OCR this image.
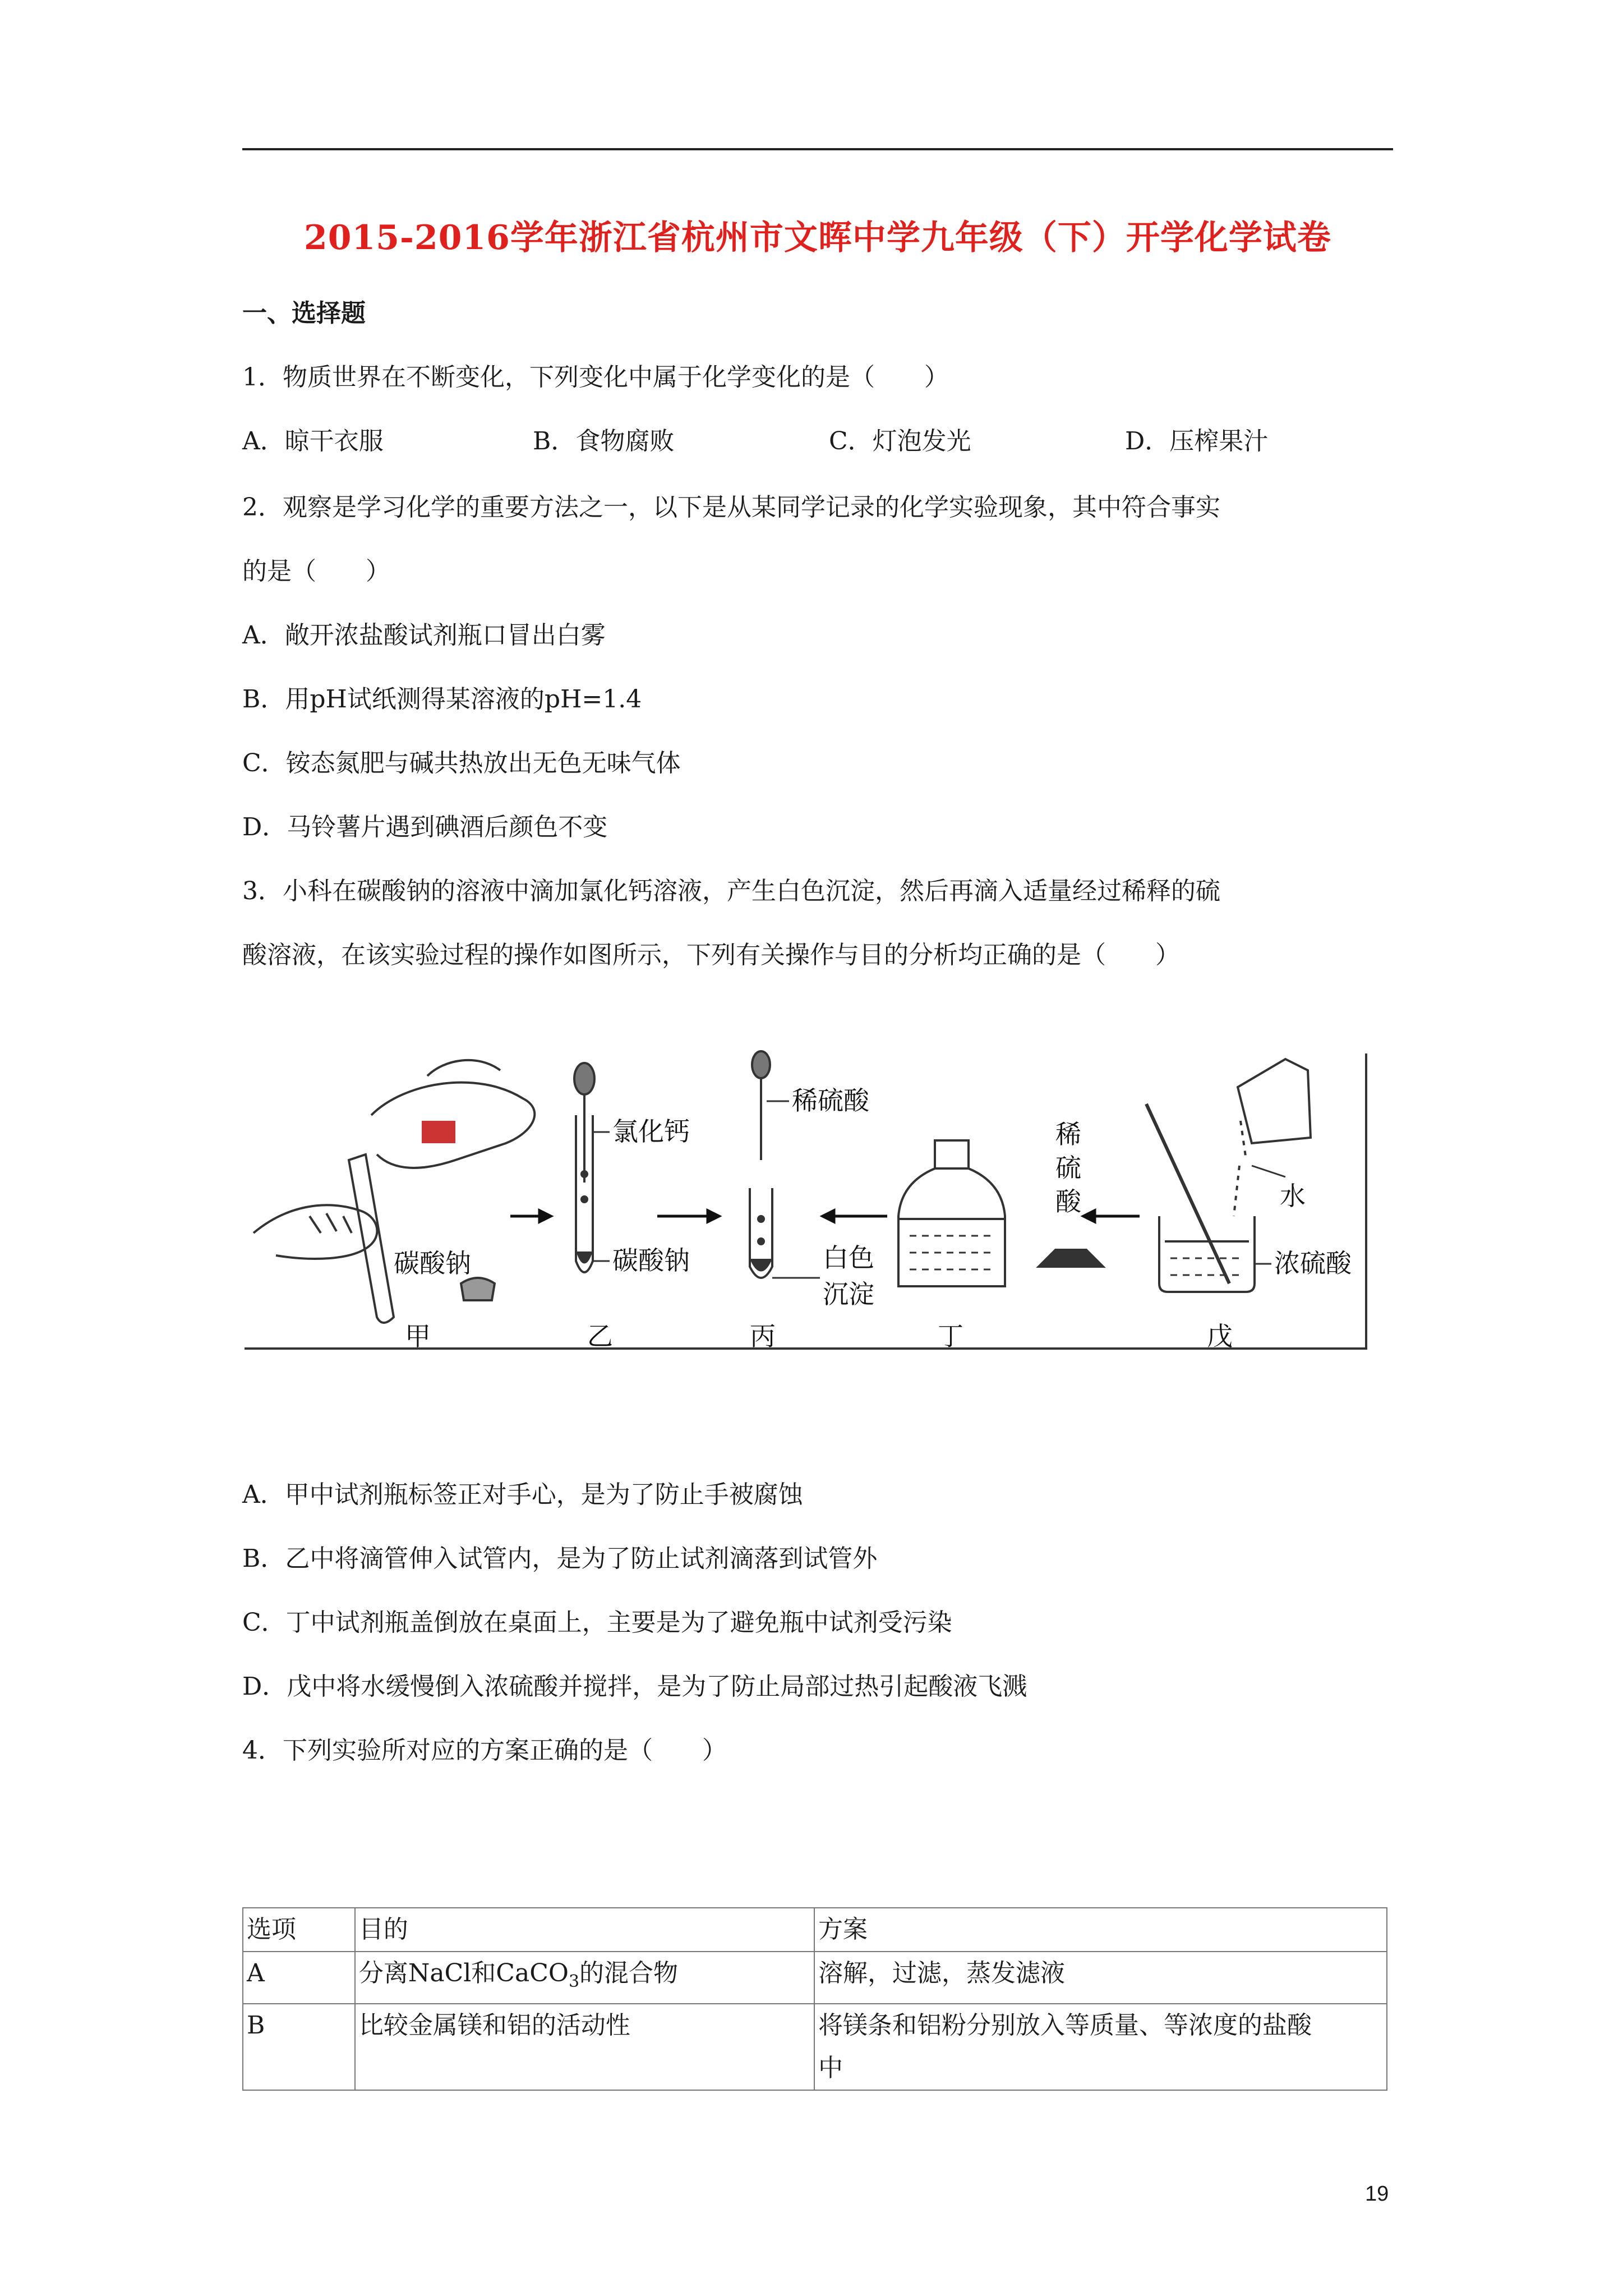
2015-2016学年浙江省杭州市文晖中学九年级（下）开学化学试卷
一、选择题
1．物质世界在不断变化，下列变化中属于化学变化的是（　　）
A．晾干衣服	B．食物腐败	C．灯泡发光	D．压榨果汁
2．观察是学习化学的重要方法之一，以下是从某同学记录的化学实验现象，其中符合事实
的是（　　）
A．敞开浓盐酸试剂瓶口冒出白雾
B．用pH试纸测得某溶液的pH=1.4
C．铵态氮肥与碱共热放出无色无味气体
D．马铃薯片遇到碘酒后颜色不变
3．小科在碳酸钠的溶液中滴加氯化钙溶液，产生白色沉淀，然后再滴入适量经过稀释的硫
酸溶液，在该实验过程的操作如图所示，下列有关操作与目的分析均正确的是（　　）
碳酸钠
甲
氯化钙
碳酸钠
乙
稀硫酸
白色
沉淀
丙
稀
硫
酸
丁
水
浓硫酸
戊
A．甲中试剂瓶标签正对手心，是为了防止手被腐蚀
B．乙中将滴管伸入试管内，是为了防止试剂滴落到试管外
C．丁中试剂瓶盖倒放在桌面上，主要是为了避免瓶中试剂受污染
D．戊中将水缓慢倒入浓硫酸并搅拌，是为了防止局部过热引起酸液飞溅
4．下列实验所对应的方案正确的是（　　）
选项	目的	方案
A	分离NaCl和CaCO$_3$的混合物	溶解，过滤，蒸发滤液
B	比较金属镁和铝的活动性	将镁条和铝粉分别放入等质量、等浓度的盐酸
中
19
